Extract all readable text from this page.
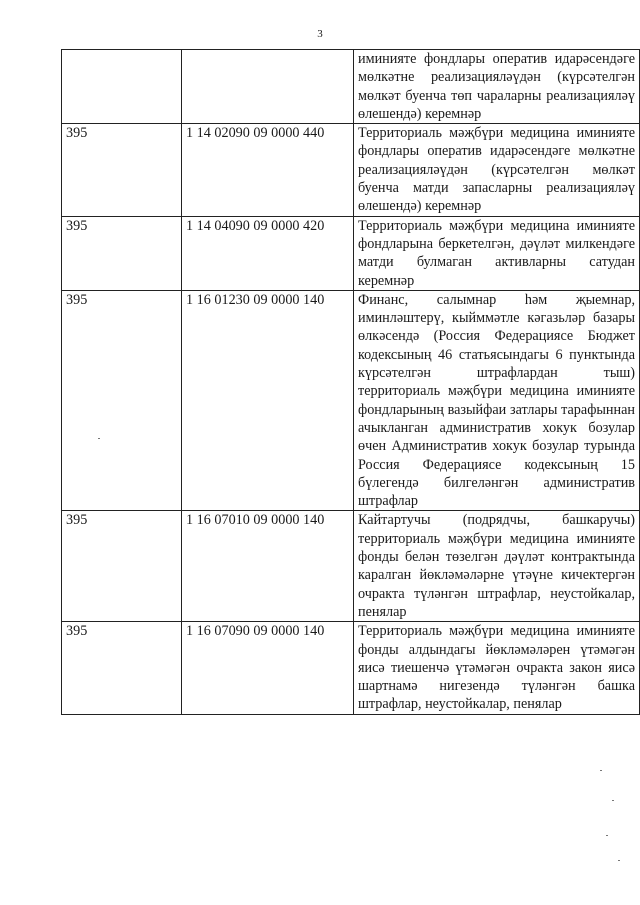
3
		иминияте фондлары оператив идарәсендәге мөлкәтне реализацияләүдән (күрсәтелгән мөлкәт буенча төп чараларны реализацияләү өлешендә) керемнәр
395	1 14 02090 09 0000 440	Территориаль мәҗбүри медицина иминияте фондлары оператив идарәсендәге мөлкәтне реализацияләүдән (күрсәтелгән мөлкәт буенча матди запасларны реализацияләү өлешендә) керемнәр
395	1 14 04090 09 0000 420	Территориаль мәҗбүри медицина иминияте фондларына беркетелгән, дәүләт милкендәге матди булмаган активларны сатудан керемнәр
395	1 16 01230 09 0000 140	Финанс, салымнар һәм җыемнар, иминләштерү, кыйммәтле кәгазьләр базары өлкәсендә (Россия Федерациясе Бюджет кодексының 46 статьясындагы 6 пунктында күрсәтелгән штрафлардан тыш) территориаль мәҗбүри медицина иминияте фондларының вазыйфаи затлары тарафыннан ачыкланган административ хокук бозулар өчен Административ хокук бозулар турында Россия Федерациясе кодексының 15 бүлегендә билгеләнгән административ штрафлар
395	1 16 07010 09 0000 140	Кайтартучы (подрядчы, башкаручы) территориаль мәҗбүри медицина иминияте фонды белән төзелгән дәүләт контрактында каралган йөкләмәләрне үтәүне кичектергән очракта түләнгән штрафлар, неустойкалар, пенялар
395	1 16 07090 09 0000 140	Территориаль мәҗбүри медицина иминияте фонды алдындагы йөкләмәләрен үтәмәгән яисә тиешенчә үтәмәгән очракта закон яисә шартнамә нигезендә түләнгән башка штрафлар, неустойкалар, пенялар
